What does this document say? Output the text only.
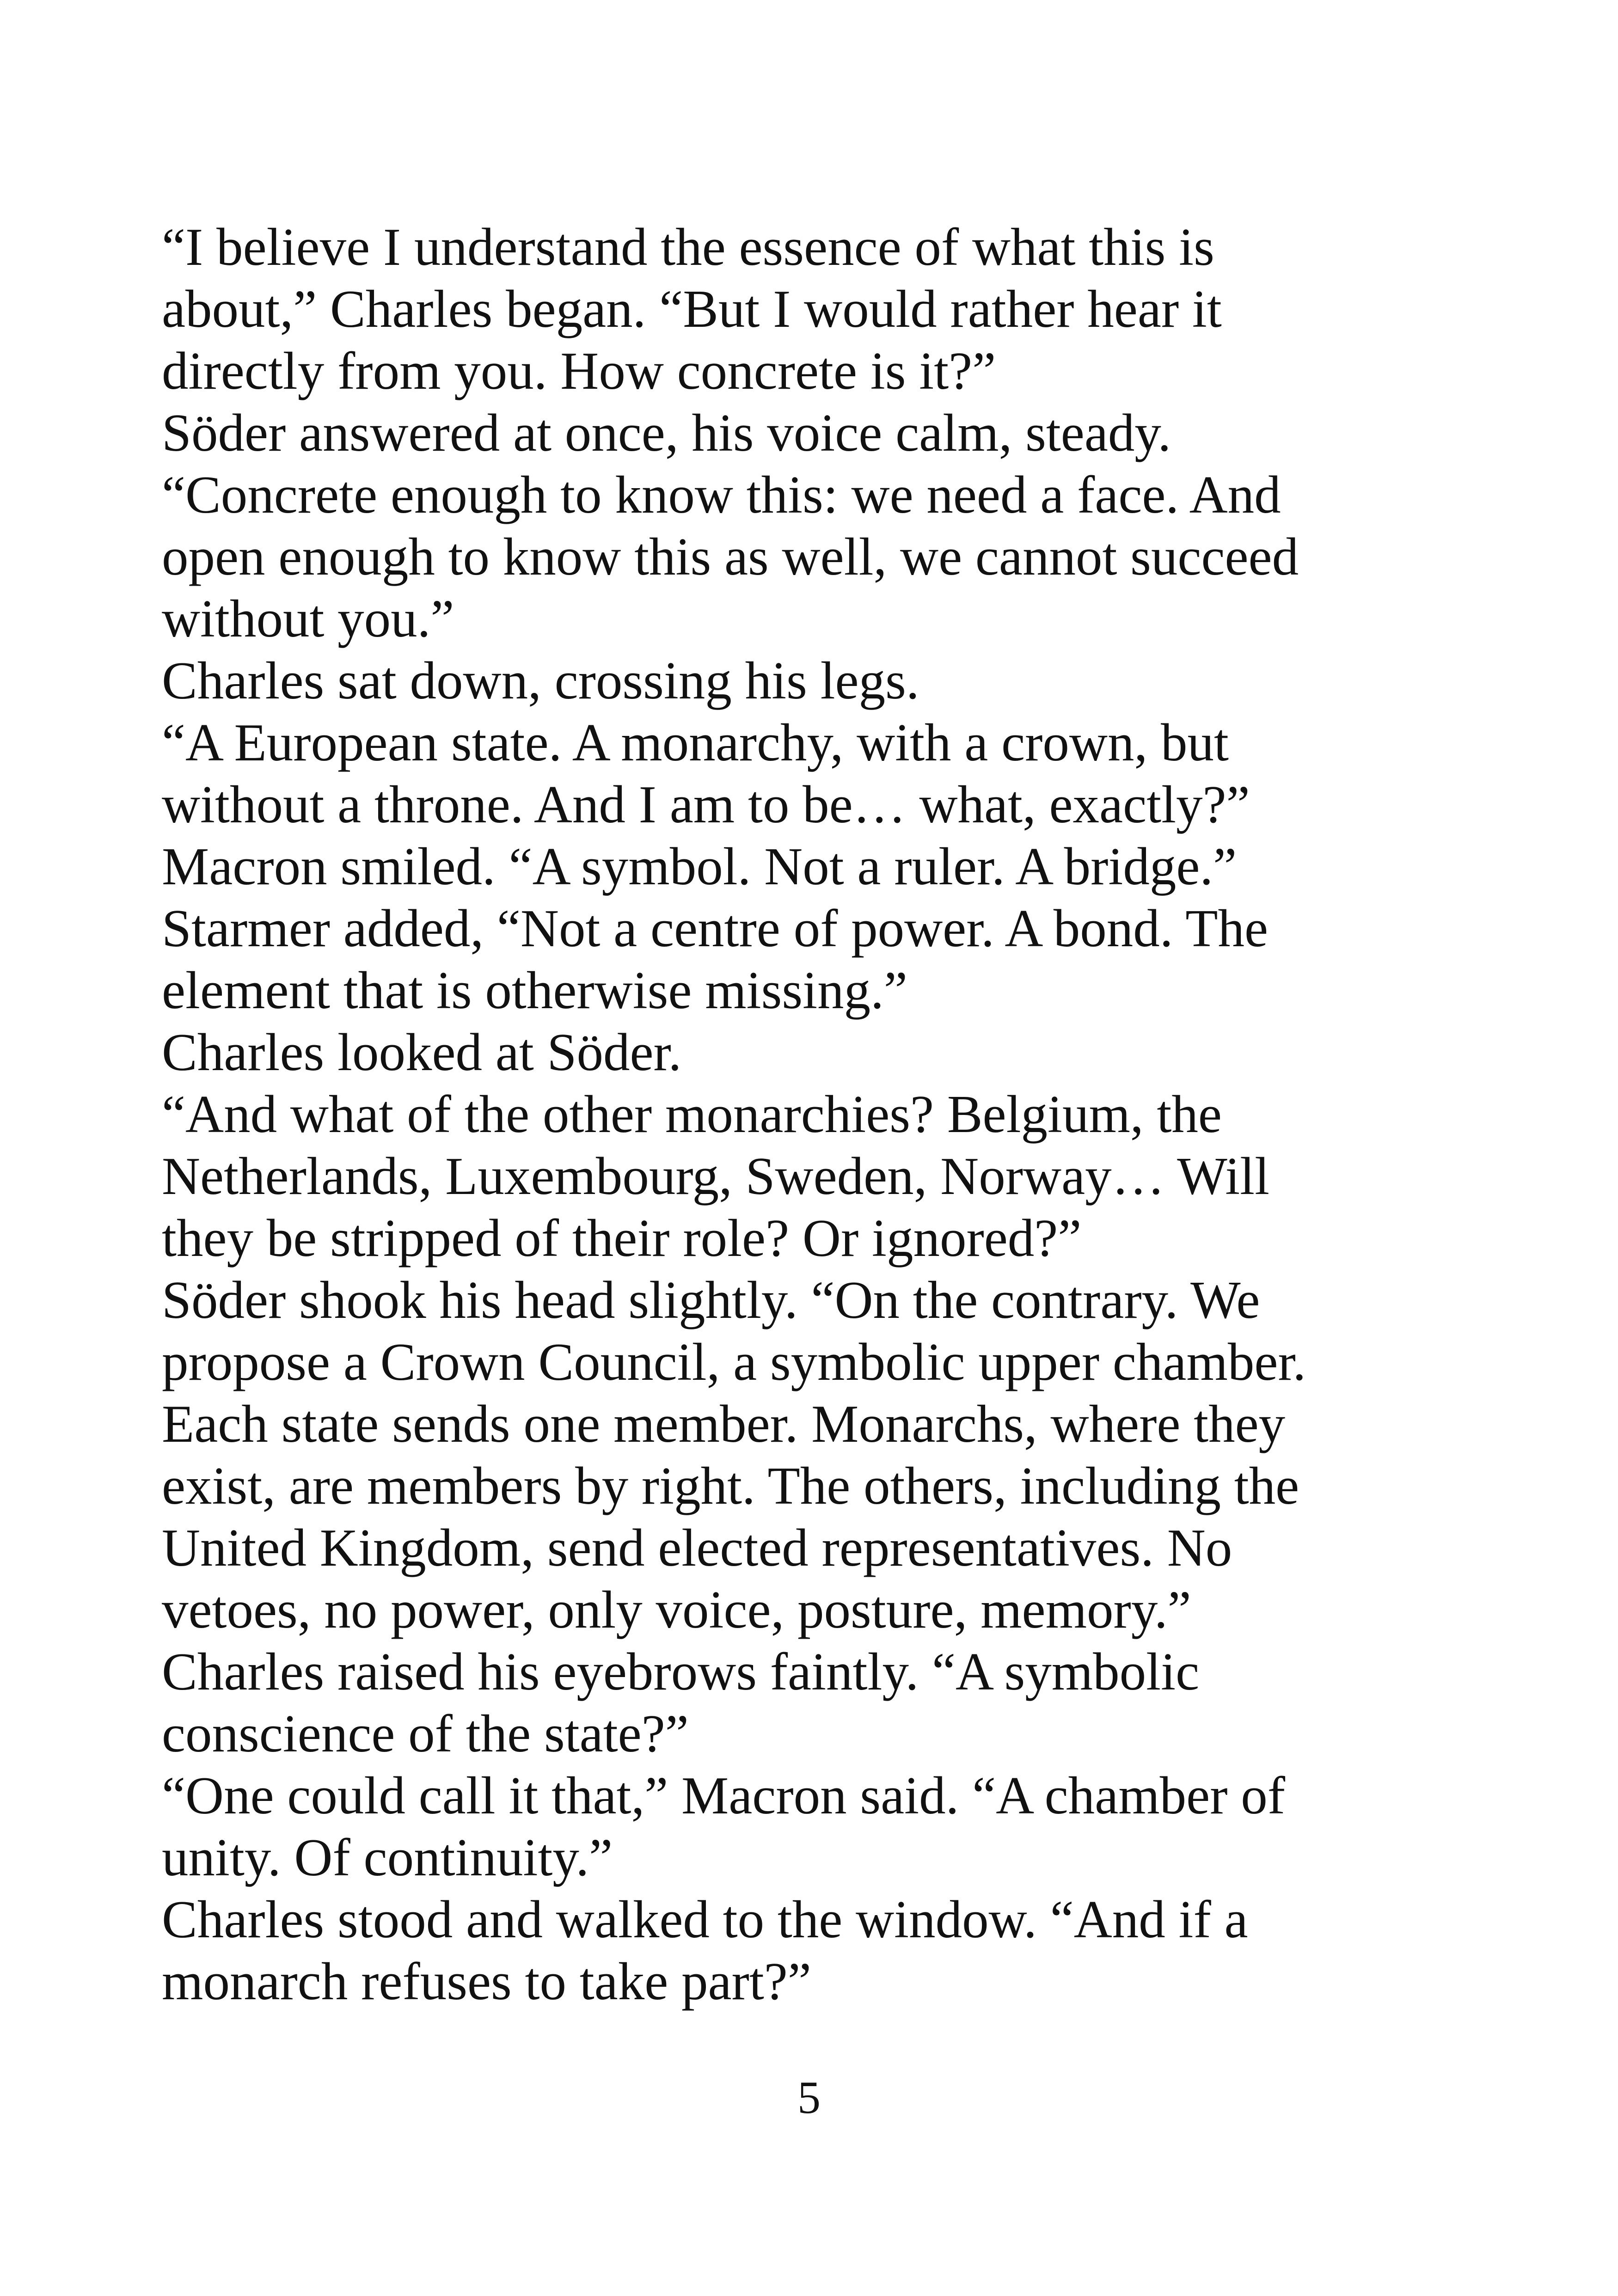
“I believe I understand the essence of what this is
about,” Charles began. “But I would rather hear it
directly from you. How concrete is it?”
Söder answered at once, his voice calm, steady.
“Concrete enough to know this: we need a face. And
open enough to know this as well, we cannot succeed
without you.”
Charles sat down, crossing his legs.
“A European state. A monarchy, with a crown, but
without a throne. And I am to be… what, exactly?”
Macron smiled. “A symbol. Not a ruler. A bridge.”
Starmer added, “Not a centre of power. A bond. The
element that is otherwise missing.”
Charles looked at Söder.
“And what of the other monarchies? Belgium, the
Netherlands, Luxembourg, Sweden, Norway… Will
they be stripped of their role? Or ignored?”
Söder shook his head slightly. “On the contrary. We
propose a Crown Council, a symbolic upper chamber.
Each state sends one member. Monarchs, where they
exist, are members by right. The others, including the
United Kingdom, send elected representatives. No
vetoes, no power, only voice, posture, memory.”
Charles raised his eyebrows faintly. “A symbolic
conscience of the state?”
“One could call it that,” Macron said. “A chamber of
unity. Of continuity.”
Charles stood and walked to the window. “And if a
monarch refuses to take part?”
5
